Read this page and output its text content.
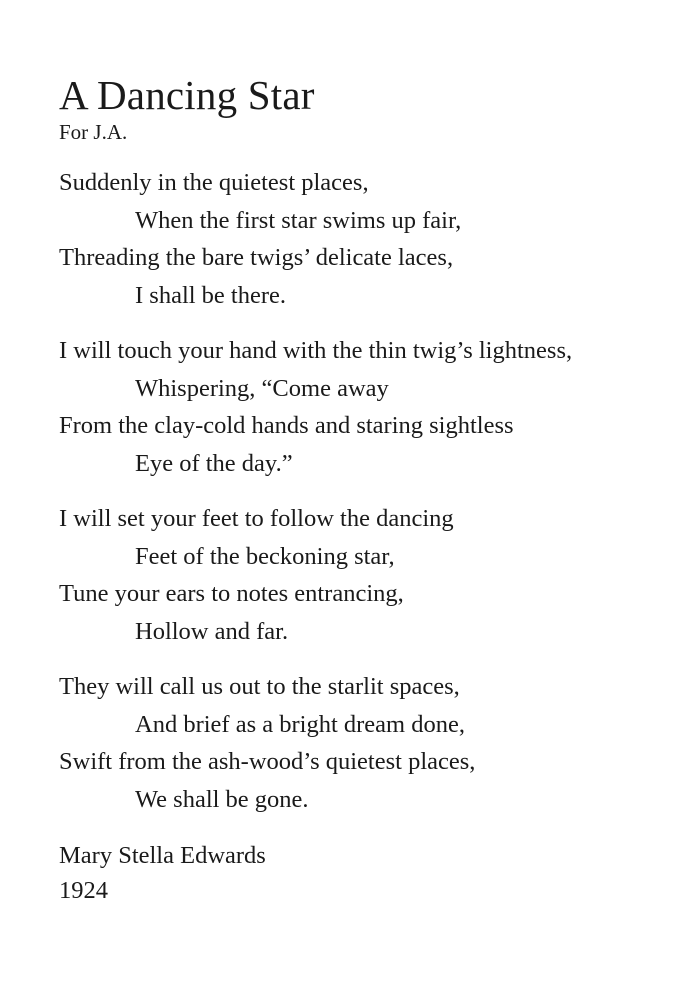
A Dancing Star
For J.A.
Suddenly in the quietest places,
When the first star swims up fair,
Threading the bare twigs’ delicate laces,
I shall be there.
I will touch your hand with the thin twig’s lightness,
Whispering, “Come away
From the clay-cold hands and staring sightless
Eye of the day.”
I will set your feet to follow the dancing
Feet of the beckoning star,
Tune your ears to notes entrancing,
Hollow and far.
They will call us out to the starlit spaces,
And brief as a bright dream done,
Swift from the ash-wood’s quietest places,
We shall be gone.
Mary Stella Edwards
1924
